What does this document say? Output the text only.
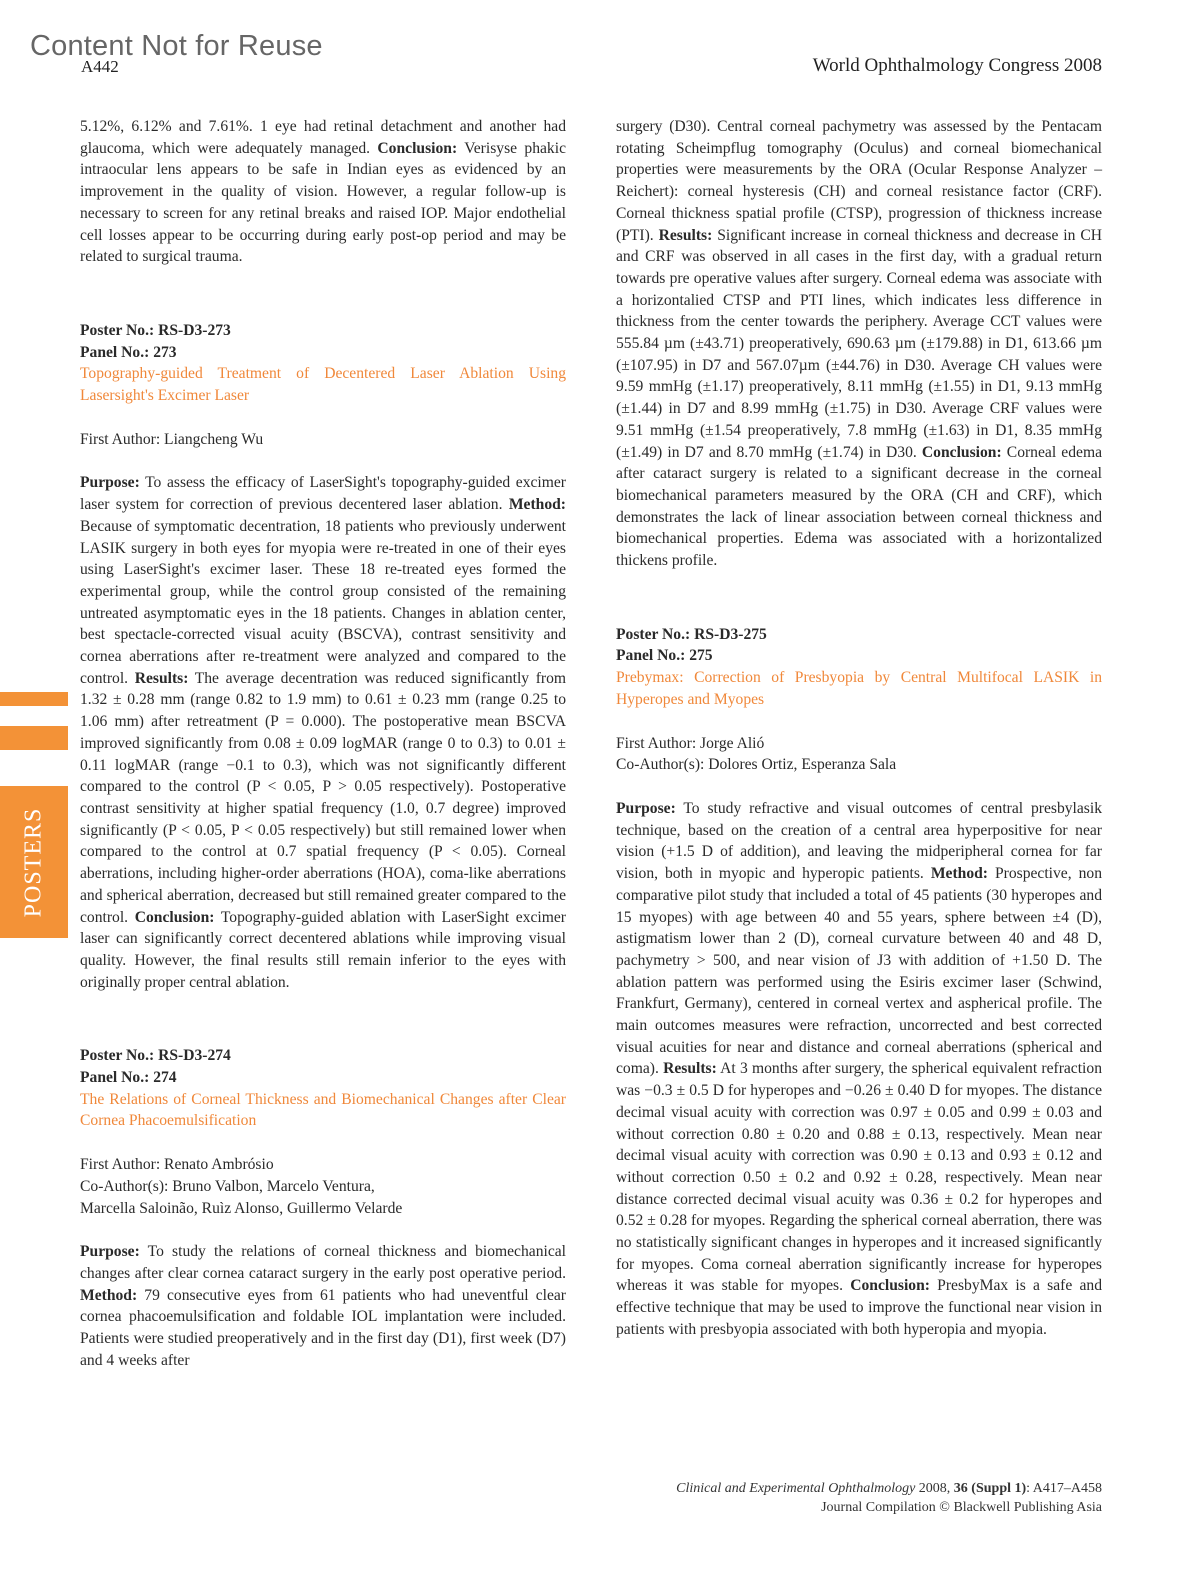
Content Not for Reuse
A442	World Ophthalmology Congress 2008
POSTERS

5.12%, 6.12% and 7.61%. 1 eye had retinal detachment and another had glaucoma, which were adequately managed. Conclusion: Verisyse phakic intraocular lens appears to be safe in Indian eyes as evidenced by an improvement in the quality of vision. However, a regular follow-up is necessary to screen for any retinal breaks and raised IOP. Major endothelial cell losses appear to be occurring during early post-op period and may be related to surgical trauma.

Poster No.: RS-D3-273

Panel No.: 273

Topography-guided Treatment of Decentered Laser Ablation Using Lasersight's Excimer Laser

First Author: Liangcheng Wu

Purpose: To assess the efficacy of LaserSight's topography-guided excimer laser system for correction of previous decentered laser ablation. Method: Because of symptomatic decentration, 18 patients who previously underwent LASIK surgery in both eyes for myopia were re-treated in one of their eyes using LaserSight's excimer laser. These 18 re-treated eyes formed the experimental group, while the control group consisted of the remaining untreated asymptomatic eyes in the 18 patients. Changes in ablation center, best spectacle-corrected visual acuity (BSCVA), contrast sensitivity and cornea aberrations after re-treatment were analyzed and compared to the control. Results: The average decentration was reduced significantly from 1.32 ± 0.28 mm (range 0.82 to 1.9 mm) to 0.61 ± 0.23 mm (range 0.25 to 1.06 mm) after retreatment (P = 0.000). The postoperative mean BSCVA improved significantly from 0.08 ± 0.09 logMAR (range 0 to 0.3) to 0.01 ± 0.11 logMAR (range −0.1 to 0.3), which was not significantly different compared to the control (P < 0.05, P > 0.05 respectively). Postoperative contrast sensitivity at higher spatial frequency (1.0, 0.7 degree) improved significantly (P < 0.05, P < 0.05 respectively) but still remained lower when compared to the control at 0.7 spatial frequency (P < 0.05). Corneal aberrations, including higher-order aberrations (HOA), coma-like aberrations and spherical aberration, decreased but still remained greater compared to the control. Conclusion: Topography-guided ablation with LaserSight excimer laser can significantly correct decentered ablations while improving visual quality. However, the final results still remain inferior to the eyes with originally proper central ablation.

Poster No.: RS-D3-274

Panel No.: 274

The Relations of Corneal Thickness and Biomechanical Changes after Clear Cornea Phacoemulsification

First Author: Renato Ambrósio

Co-Author(s): Bruno Valbon, Marcelo Ventura,

Marcella Saloinão, Ruìz Alonso, Guillermo Velarde

Purpose: To study the relations of corneal thickness and biomechanical changes after clear cornea cataract surgery in the early post operative period. Method: 79 consecutive eyes from 61 patients who had uneventful clear cornea phacoemulsification and foldable IOL implantation were included. Patients were studied preoperatively and in the first day (D1), first week (D7) and 4 weeks after

surgery (D30). Central corneal pachymetry was assessed by the Pentacam rotating Scheimpflug tomography (Oculus) and corneal biomechanical properties were measurements by the ORA (Ocular Response Analyzer – Reichert): corneal hysteresis (CH) and corneal resistance factor (CRF). Corneal thickness spatial profile (CTSP), progression of thickness increase (PTI). Results: Significant increase in corneal thickness and decrease in CH and CRF was observed in all cases in the first day, with a gradual return towards pre operative values after surgery. Corneal edema was associate with a horizontalied CTSP and PTI lines, which indicates less difference in thickness from the center towards the periphery. Average CCT values were 555.84 µm (±43.71) preoperatively, 690.63 µm (±179.88) in D1, 613.66 µm (±107.95) in D7 and 567.07µm (±44.76) in D30. Average CH values were 9.59 mmHg (±1.17) preoperatively, 8.11 mmHg (±1.55) in D1, 9.13 mmHg (±1.44) in D7 and 8.99 mmHg (±1.75) in D30. Average CRF values were 9.51 mmHg (±1.54 preoperatively, 7.8 mmHg (±1.63) in D1, 8.35 mmHg (±1.49) in D7 and 8.70 mmHg (±1.74) in D30. Conclusion: Corneal edema after cataract surgery is related to a significant decrease in the corneal biomechanical parameters measured by the ORA (CH and CRF), which demonstrates the lack of linear association between corneal thickness and biomechanical properties. Edema was associated with a horizontalized thickens profile.

Poster No.: RS-D3-275

Panel No.: 275

Prebymax: Correction of Presbyopia by Central Multifocal LASIK in Hyperopes and Myopes

First Author: Jorge Alió

Co-Author(s): Dolores Ortiz, Esperanza Sala

Purpose: To study refractive and visual outcomes of central presbylasik technique, based on the creation of a central area hyperpositive for near vision (+1.5 D of addition), and leaving the midperipheral cornea for far vision, both in myopic and hyperopic patients. Method: Prospective, non comparative pilot study that included a total of 45 patients (30 hyperopes and 15 myopes) with age between 40 and 55 years, sphere between ±4 (D), astigmatism lower than 2 (D), corneal curvature between 40 and 48 D, pachymetry > 500, and near vision of J3 with addition of +1.50 D. The ablation pattern was performed using the Esiris excimer laser (Schwind, Frankfurt, Germany), centered in corneal vertex and aspherical profile. The main outcomes measures were refraction, uncorrected and best corrected visual acuities for near and distance and corneal aberrations (spherical and coma). Results: At 3 months after surgery, the spherical equivalent refraction was −0.3 ± 0.5 D for hyperopes and −0.26 ± 0.40 D for myopes. The distance decimal visual acuity with correction was 0.97 ± 0.05 and 0.99 ± 0.03 and without correction 0.80 ± 0.20 and 0.88 ± 0.13, respectively. Mean near decimal visual acuity with correction was 0.90 ± 0.13 and 0.93 ± 0.12 and without correction 0.50 ± 0.2 and 0.92 ± 0.28, respectively. Mean near distance corrected decimal visual acuity was 0.36 ± 0.2 for hyperopes and 0.52 ± 0.28 for myopes. Regarding the spherical corneal aberration, there was no statistically significant changes in hyperopes and it increased significantly for myopes. Coma corneal aberration significantly increase for hyperopes whereas it was stable for myopes. Conclusion: PresbyMax is a safe and effective technique that may be used to improve the functional near vision in patients with presbyopia associated with both hyperopia and myopia.

Clinical and Experimental Ophthalmology 2008, 36 (Suppl 1): A417–A458
Journal Compilation © Blackwell Publishing Asia
